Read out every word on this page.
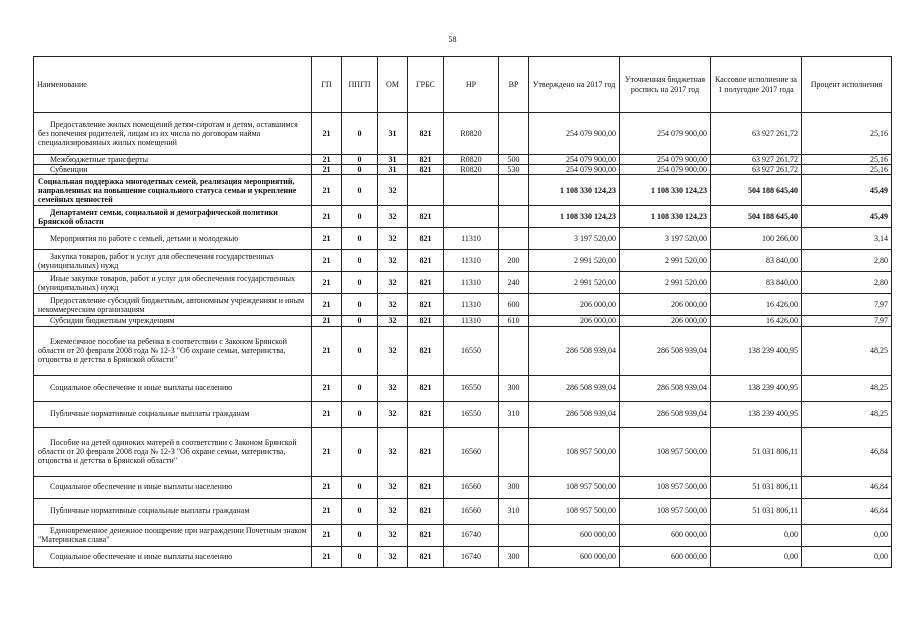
58
Наименование	ГП	ППГП	ОМ	ГРБС	НР	ВР	Утверждено на 2017 год	Уточненная бюджетная роспись на 2017 год	Кассовое исполнение за 1 полугодие 2017 года	Процент исполнения
Предоставление жилых помещений детям-сиротам и детям, оставшимся без попечения родителей, лицам из их числа по договорам найма специализированных жилых помещений	21	0	31	821	R0820		254 079 900,00	254 079 900,00	63 927 261,72	25,16
Межбюджетные трансферты	21	0	31	821	R0820	500	254 079 900,00	254 079 900,00	63 927 261,72	25,16
Субвенции	21	0	31	821	R0820	530	254 079 900,00	254 079 900,00	63 927 261,72	25,16
Социальная поддержка многодетных семей, реализация мероприятий, направленных на повышение социального статуса семьи и укрепление семейных ценностей	21	0	32				1 108 330 124,23	1 108 330 124,23	504 188 645,40	45,49
Департамент семьи, социальной и демографической политики Брянской области	21	0	32	821			1 108 330 124,23	1 108 330 124,23	504 188 645,40	45,49
Мероприятия по работе с семьей, детьми и молодежью	21	0	32	821	11310		3 197 520,00	3 197 520,00	100 266,00	3,14
Закупка товаров, работ и услуг для обеспечения государственных (муниципальных) нужд	21	0	32	821	11310	200	2 991 520,00	2 991 520,00	83 840,00	2,80
Иные закупки товаров, работ и услуг для обеспечения государственных (муниципальных) нужд	21	0	32	821	11310	240	2 991 520,00	2 991 520,00	83 840,00	2,80
Предоставление субсидий бюджетным, автономным учреждениям и иным некоммерческим организациям	21	0	32	821	11310	600	206 000,00	206 000,00	16 426,00	7,97
Субсидии бюджетным учреждениям	21	0	32	821	11310	610	206 000,00	206 000,00	16 426,00	7,97
Ежемесячное пособие на ребенка в соответствии с Законом Брянской области от 20 февраля 2008 года № 12-З "Об охране семьи, материнства, отцовства и детства в Брянской области"	21	0	32	821	16550		286 508 939,04	286 508 939,04	138 239 400,95	48,25
Социальное обеспечение и иные выплаты населению	21	0	32	821	16550	300	286 508 939,04	286 508 939,04	138 239 400,95	48,25
Публичные нормативные социальные выплаты гражданам	21	0	32	821	16550	310	286 508 939,04	286 508 939,04	138 239 400,95	48,25
Пособие на детей одиноких матерей в соответствии с Законом Брянской области от 20 февраля 2008 года № 12-З "Об охране семьи, материнства, отцовства и детства в Брянской области"	21	0	32	821	16560		108 957 500,00	108 957 500,00	51 031 806,11	46,84
Социальное обеспечение и иные выплаты населению	21	0	32	821	16560	300	108 957 500,00	108 957 500,00	51 031 806,11	46,84
Публичные нормативные социальные выплаты гражданам	21	0	32	821	16560	310	108 957 500,00	108 957 500,00	51 031 806,11	46,84
Единовременное денежное поощрение при награждении Почетным знаком "Материнская слава"	21	0	32	821	16740		600 000,00	600 000,00	0,00	0,00
Социальное обеспечение и иные выплаты населению	21	0	32	821	16740	300	600 000,00	600 000,00	0,00	0,00
